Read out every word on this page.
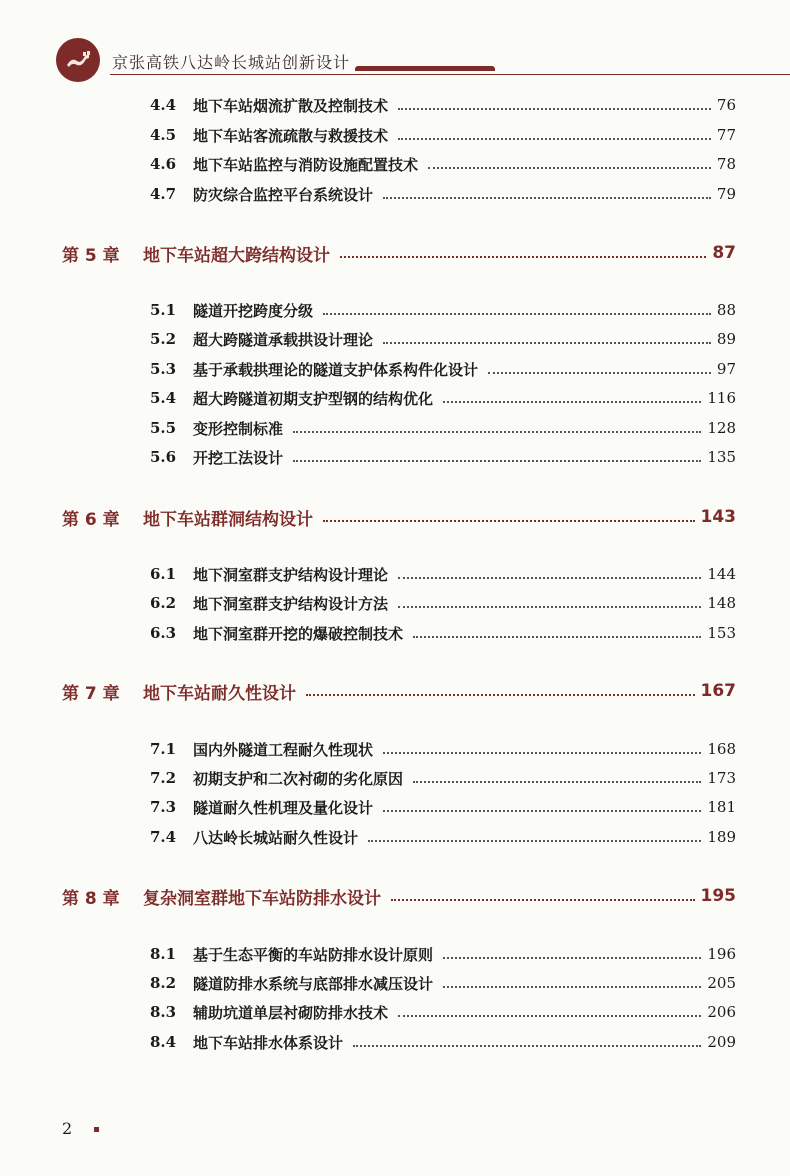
京张高铁八达岭长城站创新设计
4.4	地下车站烟流扩散及控制技术	76
4.5	地下车站客流疏散与救援技术	77
4.6	地下车站监控与消防设施配置技术	78
4.7	防灾综合监控平台系统设计	79
第 5 章 地下车站超大跨结构设计	87
5.1	隧道开挖跨度分级	88
5.2	超大跨隧道承载拱设计理论	89
5.3	基于承载拱理论的隧道支护体系构件化设计	97
5.4	超大跨隧道初期支护型钢的结构优化	116
5.5	变形控制标准	128
5.6	开挖工法设计	135
第 6 章 地下车站群洞结构设计	143
6.1	地下洞室群支护结构设计理论	144
6.2	地下洞室群支护结构设计方法	148
6.3	地下洞室群开挖的爆破控制技术	153
第 7 章 地下车站耐久性设计	167
7.1	国内外隧道工程耐久性现状	168
7.2	初期支护和二次衬砌的劣化原因	173
7.3	隧道耐久性机理及量化设计	181
7.4	八达岭长城站耐久性设计	189
第 8 章 复杂洞室群地下车站防排水设计	195
8.1	基于生态平衡的车站防排水设计原则	196
8.2	隧道防排水系统与底部排水减压设计	205
8.3	辅助坑道单层衬砌防排水技术	206
8.4	地下车站排水体系设计	209
2
